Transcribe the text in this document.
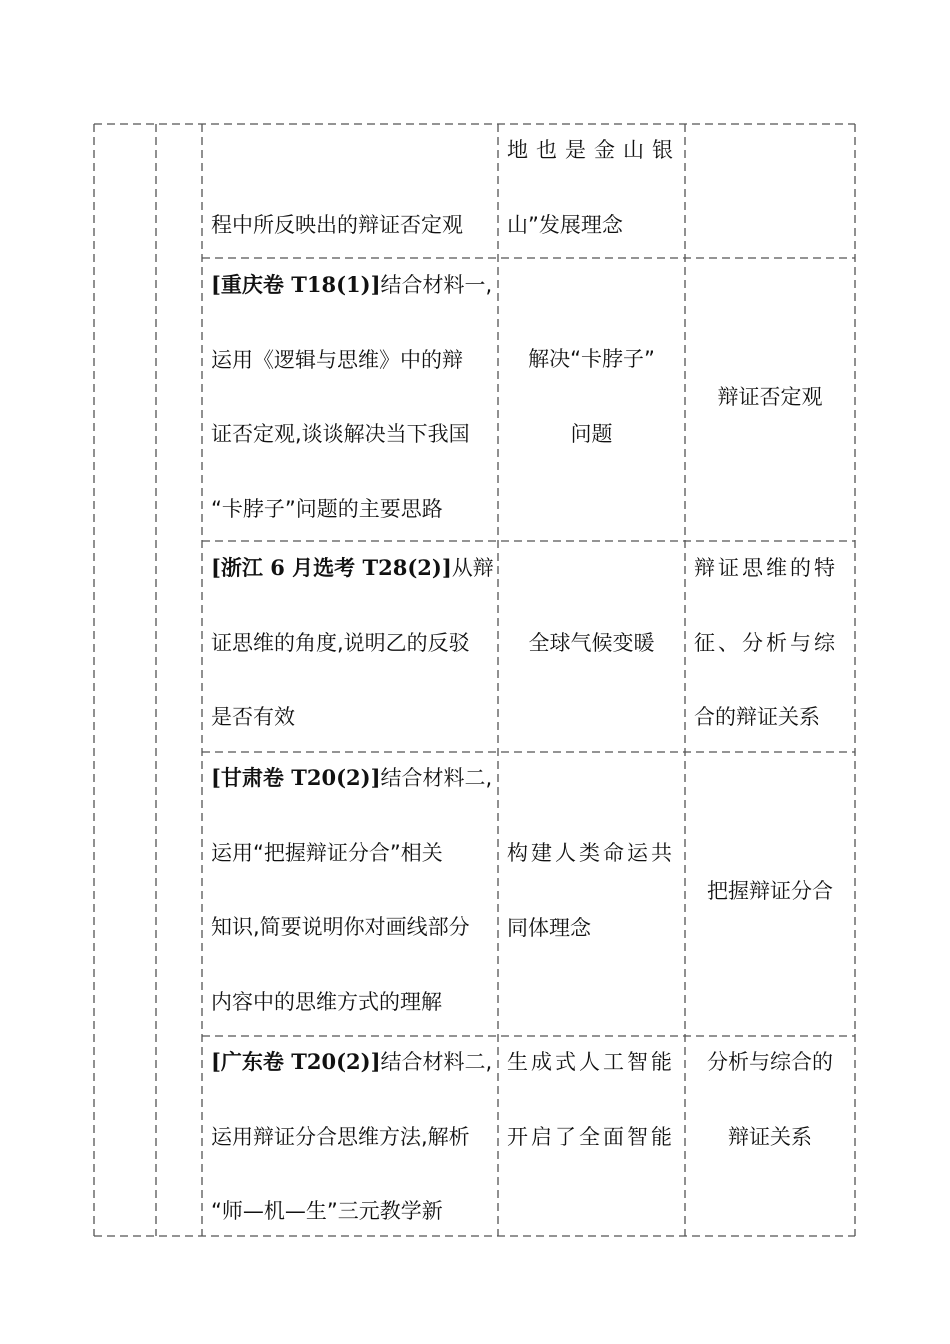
程中所反映出的辩证否定观
地也是金山银
山”发展理念
[重庆卷 T18(1)]结合材料一,
运用《逻辑与思维》中的辩
证否定观,谈谈解决当下我国
“卡脖子”问题的主要思路
解决“卡脖子”
问题
辩证否定观
[浙江 6 月选考 T28(2)]从辩
证思维的角度,说明乙的反驳
是否有效
全球气候变暖
辩证思维的特
征、分析与综
合的辩证关系
[甘肃卷 T20(2)]结合材料二,
运用“把握辩证分合”相关
知识,简要说明你对画线部分
内容中的思维方式的理解
构建人类命运共
同体理念
把握辩证分合
[广东卷 T20(2)]结合材料二,
运用辩证分合思维方法,解析
“师—机—生”三元教学新
生成式人工智能
开启了全面智能
分析与综合的
辩证关系
